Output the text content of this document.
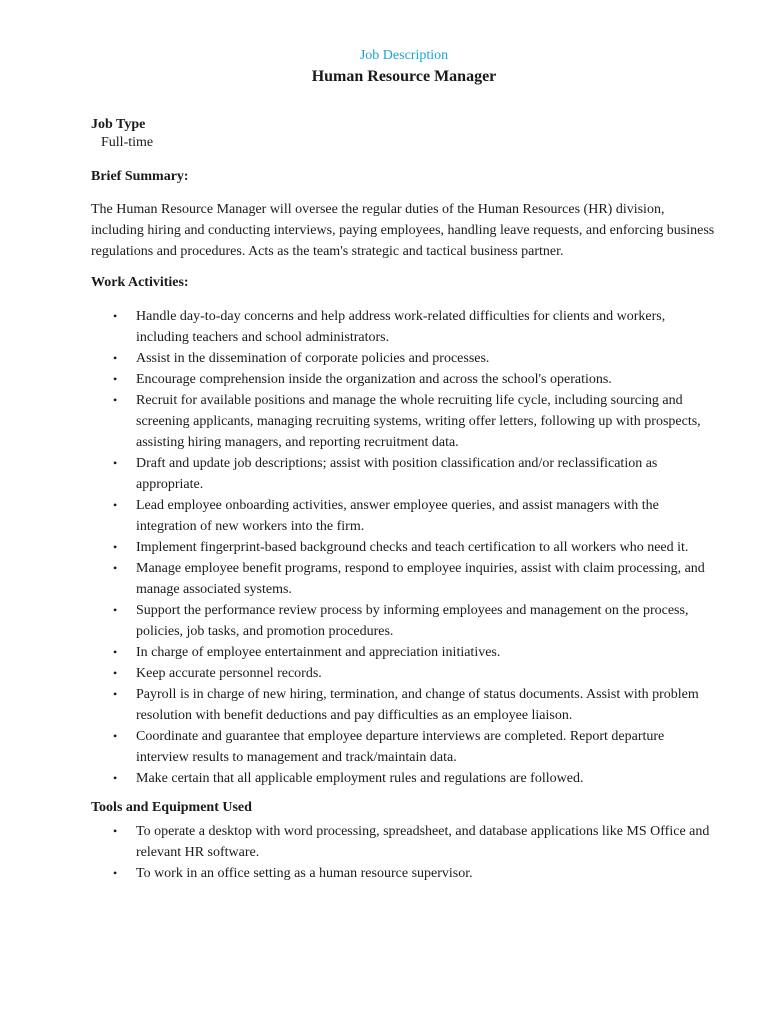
Job Description
Human Resource Manager
Job Type
Full-time
Brief Summary:
The Human Resource Manager will oversee the regular duties of the Human Resources (HR) division, including hiring and conducting interviews, paying employees, handling leave requests, and enforcing business regulations and procedures. Acts as the team's strategic and tactical business partner.
Work Activities:
• Handle day-to-day concerns and help address work-related difficulties for clients and workers, including teachers and school administrators.
• Assist in the dissemination of corporate policies and processes.
• Encourage comprehension inside the organization and across the school's operations.
• Recruit for available positions and manage the whole recruiting life cycle, including sourcing and screening applicants, managing recruiting systems, writing offer letters, following up with prospects, assisting hiring managers, and reporting recruitment data.
• Draft and update job descriptions; assist with position classification and/or reclassification as appropriate.
• Lead employee onboarding activities, answer employee queries, and assist managers with the integration of new workers into the firm.
• Implement fingerprint-based background checks and teach certification to all workers who need it.
• Manage employee benefit programs, respond to employee inquiries, assist with claim processing, and manage associated systems.
• Support the performance review process by informing employees and management on the process, policies, job tasks, and promotion procedures.
• In charge of employee entertainment and appreciation initiatives.
• Keep accurate personnel records.
• Payroll is in charge of new hiring, termination, and change of status documents. Assist with problem resolution with benefit deductions and pay difficulties as an employee liaison.
• Coordinate and guarantee that employee departure interviews are completed. Report departure interview results to management and track/maintain data.
• Make certain that all applicable employment rules and regulations are followed.
Tools and Equipment Used
• To operate a desktop with word processing, spreadsheet, and database applications like MS Office and relevant HR software.
• To work in an office setting as a human resource supervisor.
